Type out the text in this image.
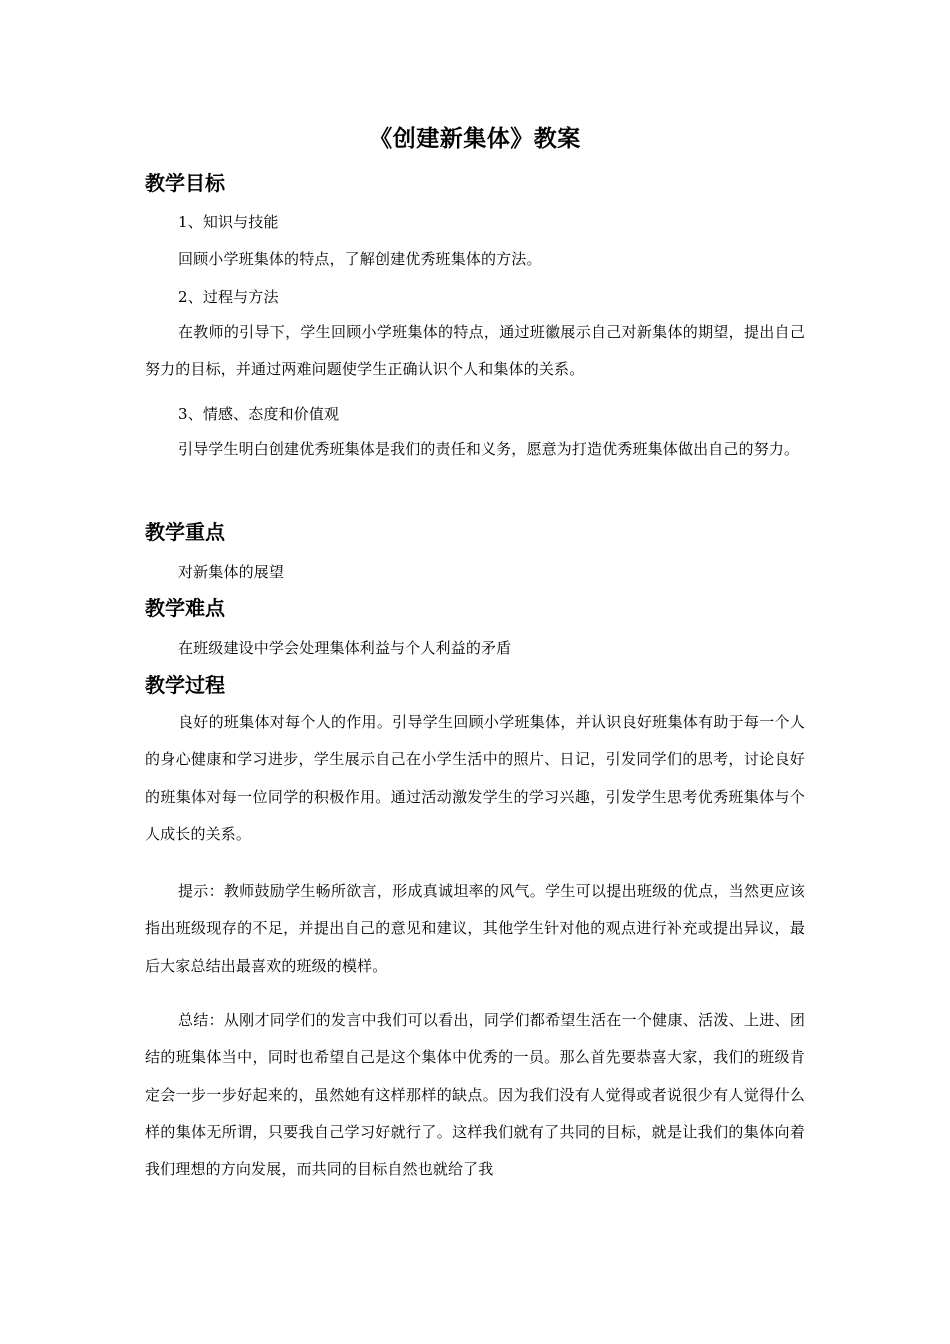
《创建新集体》教案
教学目标
1、知识与技能
回顾小学班集体的特点，了解创建优秀班集体的方法。
2、过程与方法
在教师的引导下，学生回顾小学班集体的特点，通过班徽展示自己对新集体的期望，提出自己努力的目标，并通过两难问题使学生正确认识个人和集体的关系。
3、情感、态度和价值观
引导学生明白创建优秀班集体是我们的责任和义务，愿意为打造优秀班集体做出自己的努力。
教学重点
对新集体的展望
教学难点
在班级建设中学会处理集体利益与个人利益的矛盾
教学过程
良好的班集体对每个人的作用。引导学生回顾小学班集体，并认识良好班集体有助于每一个人的身心健康和学习进步，学生展示自己在小学生活中的照片、日记，引发同学们的思考，讨论良好的班集体对每一位同学的积极作用。通过活动激发学生的学习兴趣，引发学生思考优秀班集体与个人成长的关系。
提示：教师鼓励学生畅所欲言，形成真诚坦率的风气。学生可以提出班级的优点，当然更应该指出班级现存的不足，并提出自己的意见和建议，其他学生针对他的观点进行补充或提出异议，最后大家总结出最喜欢的班级的模样。
总结：从刚才同学们的发言中我们可以看出，同学们都希望生活在一个健康、活泼、上进、团结的班集体当中，同时也希望自己是这个集体中优秀的一员。那么首先要恭喜大家，我们的班级肯定会一步一步好起来的，虽然她有这样那样的缺点。因为我们没有人觉得或者说很少有人觉得什么样的集体无所谓，只要我自己学习好就行了。这样我们就有了共同的目标，就是让我们的集体向着我们理想的方向发展，而共同的目标自然也就给了我
